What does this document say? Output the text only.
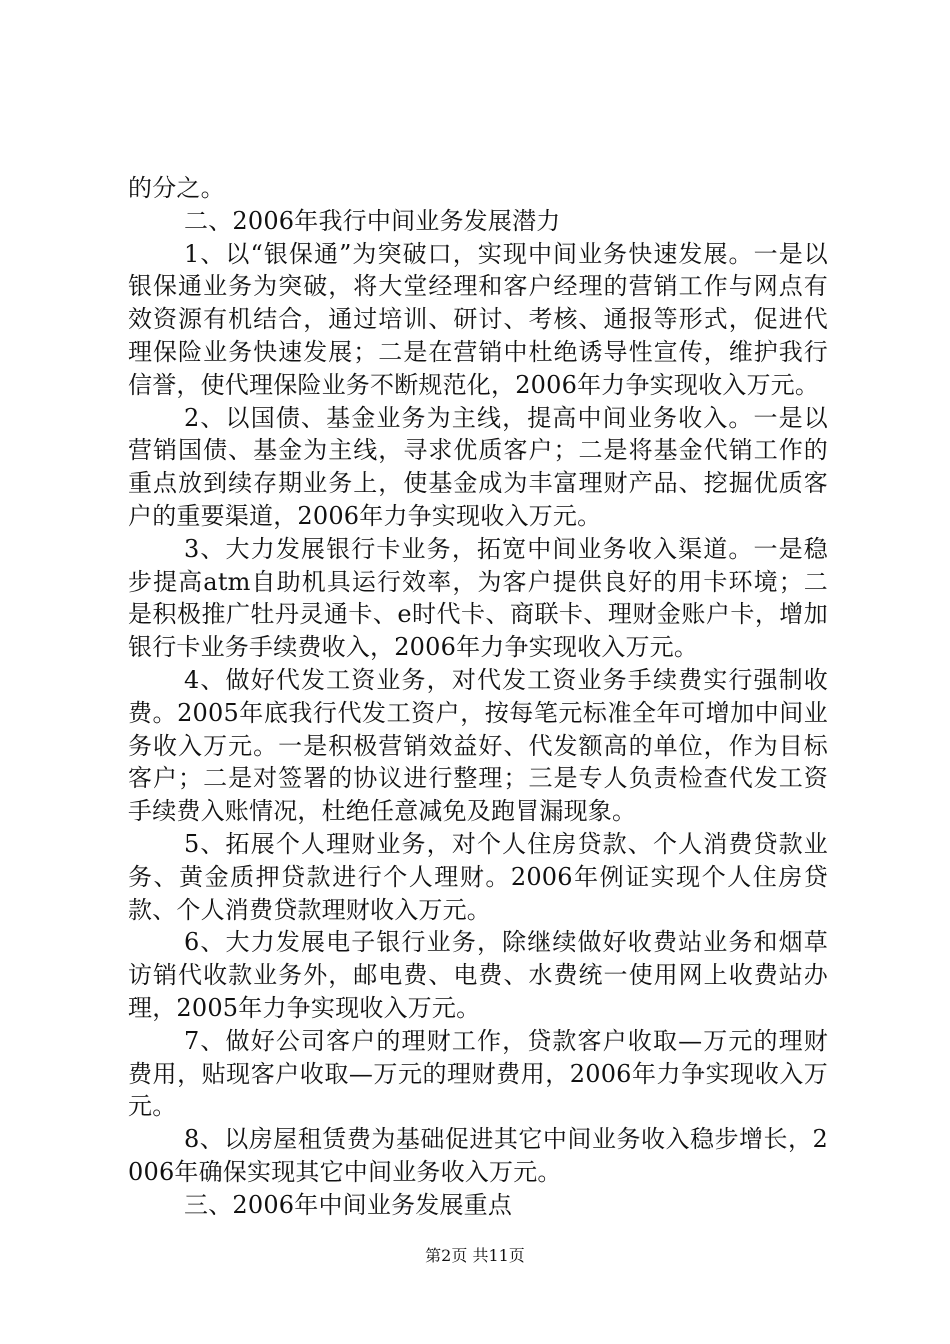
的分之。

二、2006年我行中间业务发展潜力

1、以“银保通”为突破口，实现中间业务快速发展。一是以银保通业务为突破，将大堂经理和客户经理的营销工作与网点有效资源有机结合，通过培训、研讨、考核、通报等形式，促进代理保险业务快速发展；二是在营销中杜绝诱导性宣传，维护我行信誉，使代理保险业务不断规范化，2006年力争实现收入万元。

2、以国债、基金业务为主线，提高中间业务收入。一是以营销国债、基金为主线，寻求优质客户；二是将基金代销工作的重点放到续存期业务上，使基金成为丰富理财产品、挖掘优质客户的重要渠道，2006年力争实现收入万元。

3、大力发展银行卡业务，拓宽中间业务收入渠道。一是稳步提高atm自助机具运行效率，为客户提供良好的用卡环境；二是积极推广牡丹灵通卡、e时代卡、商联卡、理财金账户卡，增加银行卡业务手续费收入，2006年力争实现收入万元。

4、做好代发工资业务，对代发工资业务手续费实行强制收费。2005年底我行代发工资户，按每笔元标准全年可增加中间业务收入万元。一是积极营销效益好、代发额高的单位，作为目标客户；二是对签署的协议进行整理；三是专人负责检查代发工资手续费入账情况，杜绝任意减免及跑冒漏现象。

5、拓展个人理财业务，对个人住房贷款、个人消费贷款业务、黄金质押贷款进行个人理财。2006年例证实现个人住房贷款、个人消费贷款理财收入万元。

6、大力发展电子银行业务，除继续做好收费站业务和烟草访销代收款业务外，邮电费、电费、水费统一使用网上收费站办理，2005年力争实现收入万元。

7、做好公司客户的理财工作，贷款客户收取—万元的理财费用，贴现客户收取—万元的理财费用，2006年力争实现收入万元。

8、以房屋租赁费为基础促进其它中间业务收入稳步增长，2006年确保实现其它中间业务收入万元。

三、2006年中间业务发展重点

第2页 共11页
